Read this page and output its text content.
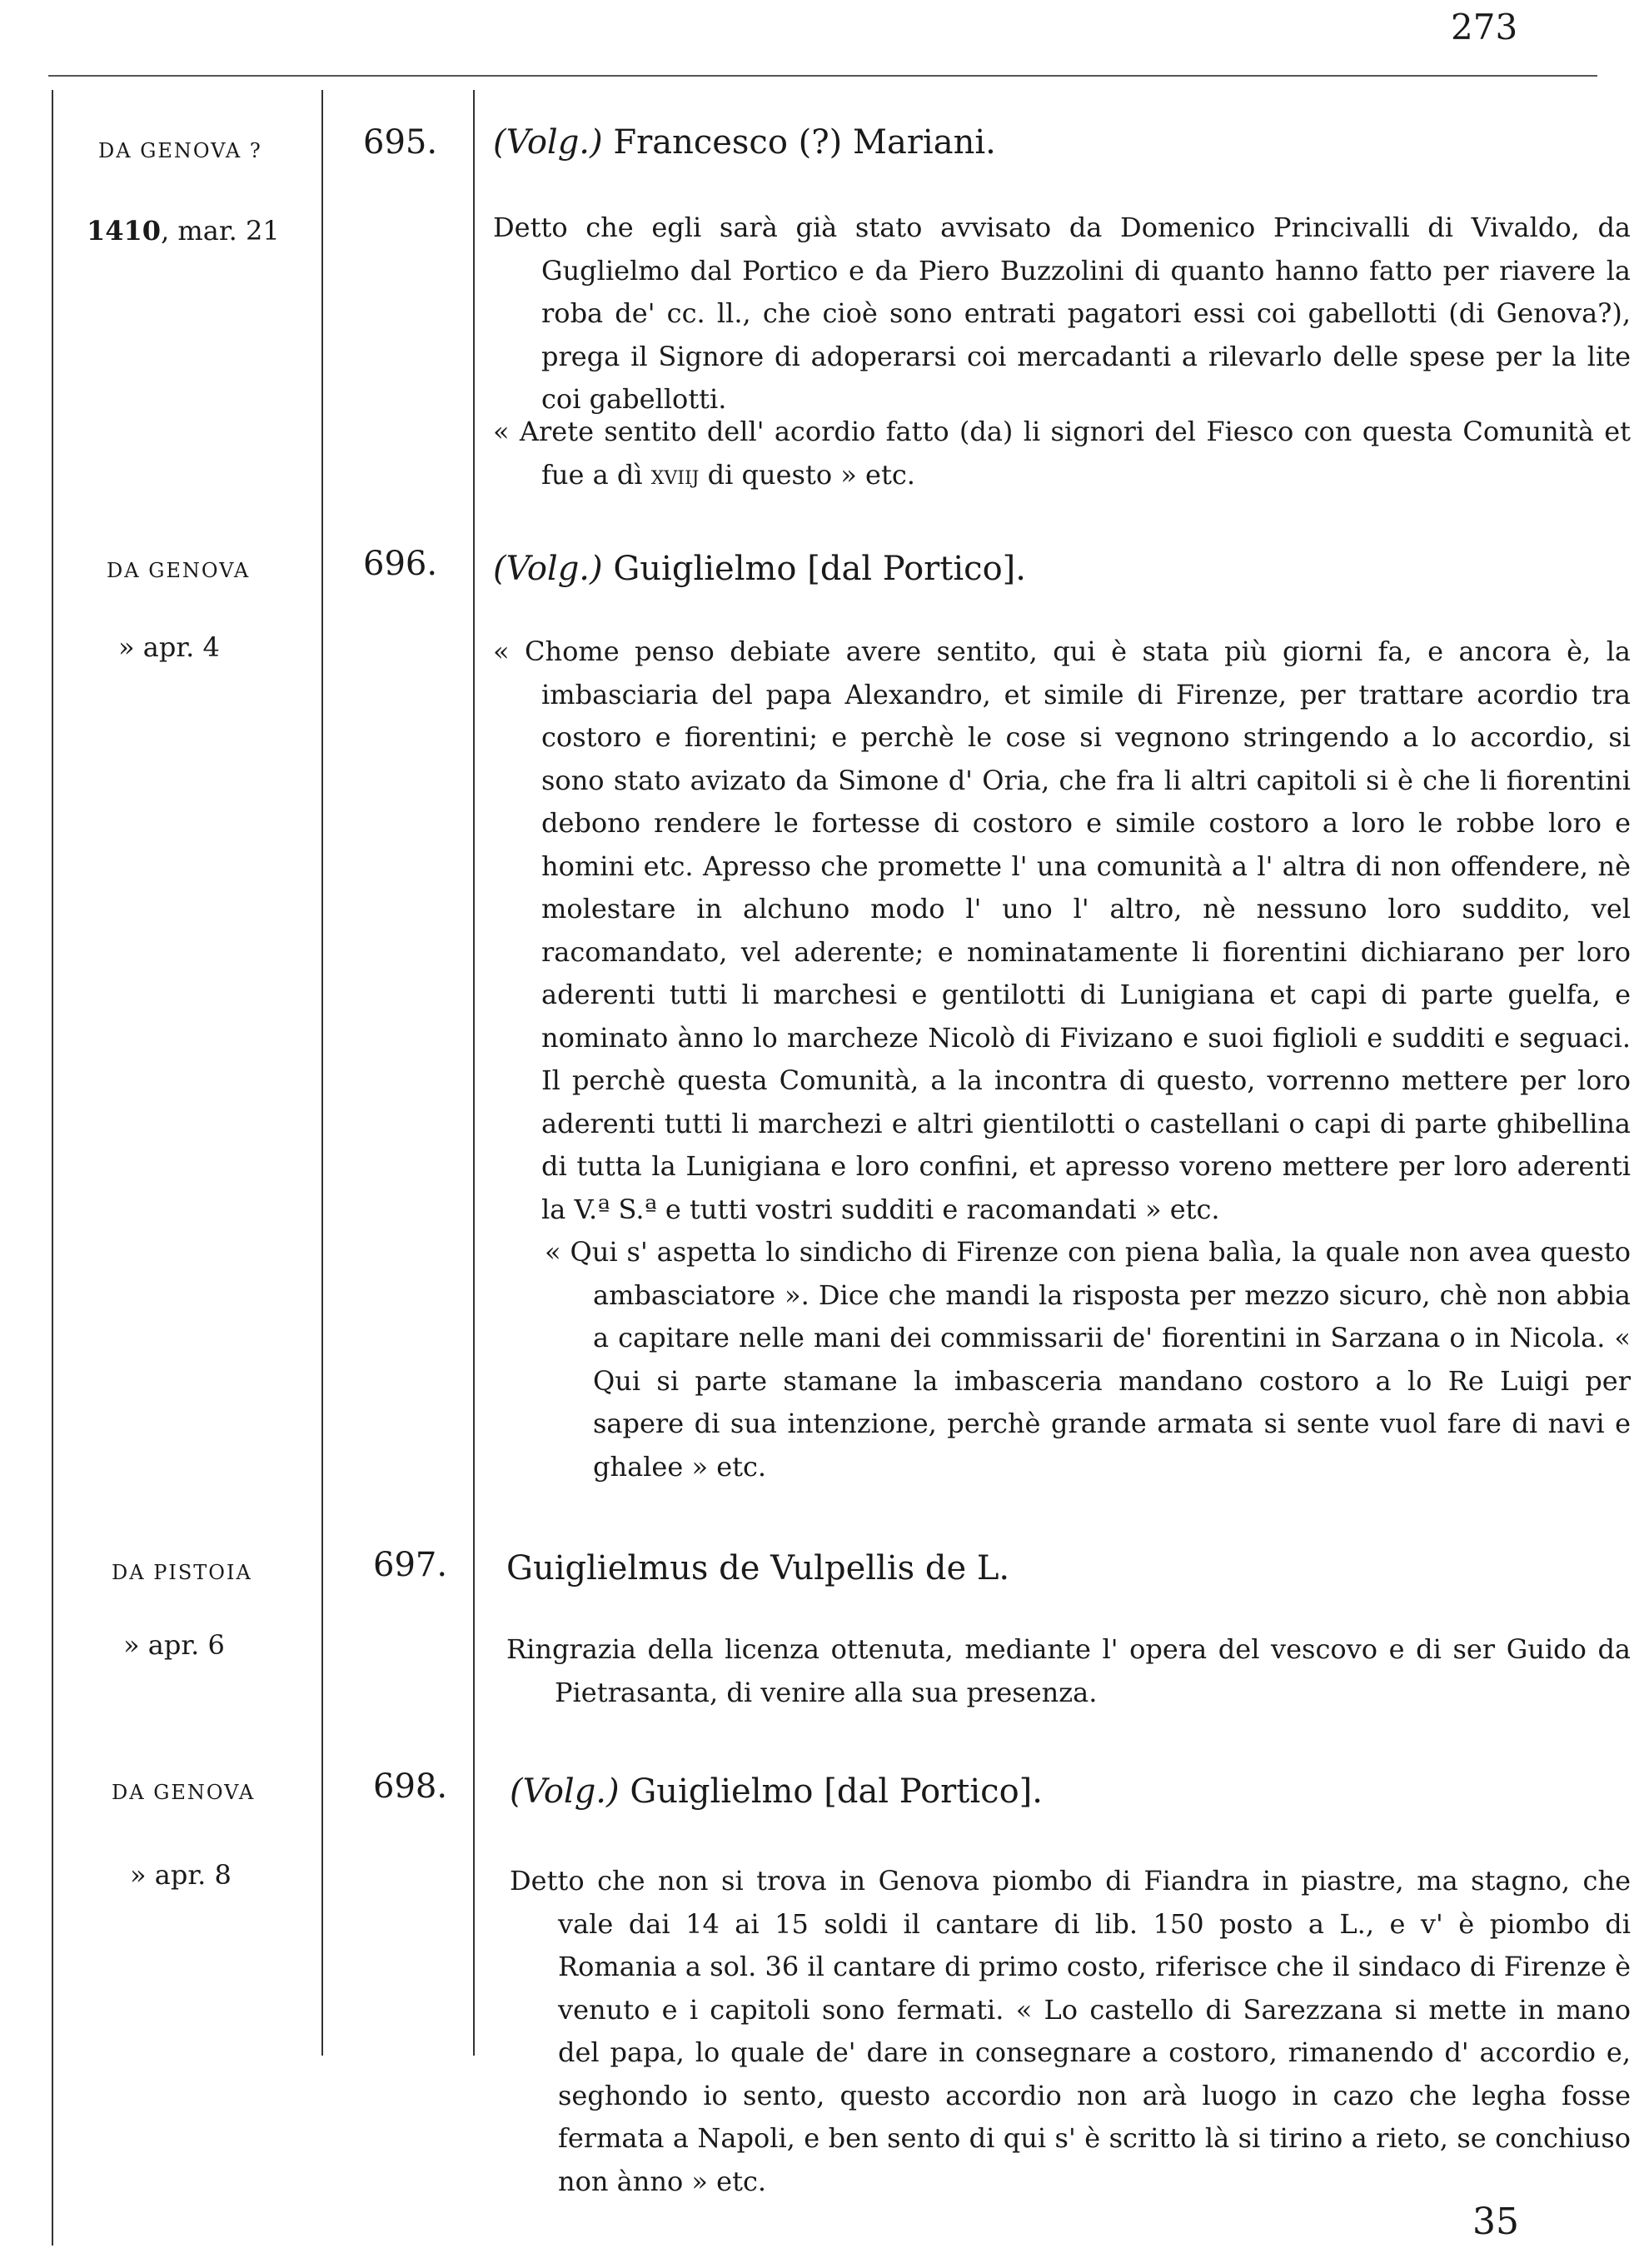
273
DA GENOVA ?
1410, mar. 21
695. (Volg.) Francesco (?) Mariani.
Detto che egli sarà già stato avvisato da Domenico Princivalli di Vivaldo, da Guglielmo dal Portico e da Piero Buzzolini di quanto hanno fatto per riavere la roba de' cc. ll., che cioè sono entrati pagatori essi coi gabellotti (di Genova?), prega il Signore di adoperarsi coi mercadanti a rilevarlo delle spese per la lite coi gabellotti.
« Arete sentito dell' acordio fatto (da) li signori del Fiesco con questa Comunità et fue a dì xviij di questo » etc.
DA GENOVA
» apr. 4
696. (Volg.) Guiglielmo [dal Portico].
« Chome penso debiate avere sentito, qui è stata più giorni fa, e ancora è, la imbasciaria del papa Alexandro, et simile di Firenze, per trattare acordio tra costoro e fiorentini; e perchè le cose si vegnono stringendo a lo accordio, si sono stato avizato da Simone d' Oria, che fra li altri capitoli si è che li fiorentini debono rendere le fortesse di costoro e simile costoro a loro le robbe loro e homini etc. Apresso che promette l' una comunità a l' altra di non offendere, nè molestare in alchuno modo l' uno l' altro, nè nessuno loro suddito, vel racomandato, vel aderente; e nominatamente li fiorentini dichiarano per loro aderenti tutti li marchesi e gentilotti di Lunigiana et capi di parte guelfa, e nominato ànno lo marcheze Nicolò di Fivizano e suoi figlioli e sudditi e seguaci. Il perchè questa Comunità, a la incontra di questo, vorrenno mettere per loro aderenti tutti li marchezi e altri gientilotti o castellani o capi di parte ghibellina di tutta la Lunigiana e loro confini, et apresso voreno mettere per loro aderenti la V.ª S.ª e tutti vostri sudditi e racomandati » etc.
« Qui s' aspetta lo sindicho di Firenze con piena balìa, la quale non avea questo ambasciatore ». Dice che mandi la risposta per mezzo sicuro, chè non abbia a capitare nelle mani dei commissarii de' fiorentini in Sarzana o in Nicola. « Qui si parte stamane la imbasceria mandano costoro a lo Re Luigi per sapere di sua intenzione, perchè grande armata si sente vuol fare di navi e ghalee » etc.
DA PISTOIA
» apr. 6
697. Guiglielmus de Vulpellis de L.
Ringrazia della licenza ottenuta, mediante l' opera del vescovo e di ser Guido da Pietrasanta, di venire alla sua presenza.
DA GENOVA
» apr. 8
698. (Volg.) Guiglielmo [dal Portico].
Detto che non si trova in Genova piombo di Fiandra in piastre, ma stagno, che vale dai 14 ai 15 soldi il cantare di lib. 150 posto a L., e v' è piombo di Romania a sol. 36 il cantare di primo costo, riferisce che il sindaco di Firenze è venuto e i capitoli sono fermati. « Lo castello di Sarezzana si mette in mano del papa, lo quale de' dare in consegnare a costoro, rimanendo d' accordio e, seghondo io sento, questo accordio non arà luogo in cazo che legha fosse fermata a Napoli, e ben sento di qui s' è scritto là si tirino a rieto, se conchiuso non ànno » etc.
35
